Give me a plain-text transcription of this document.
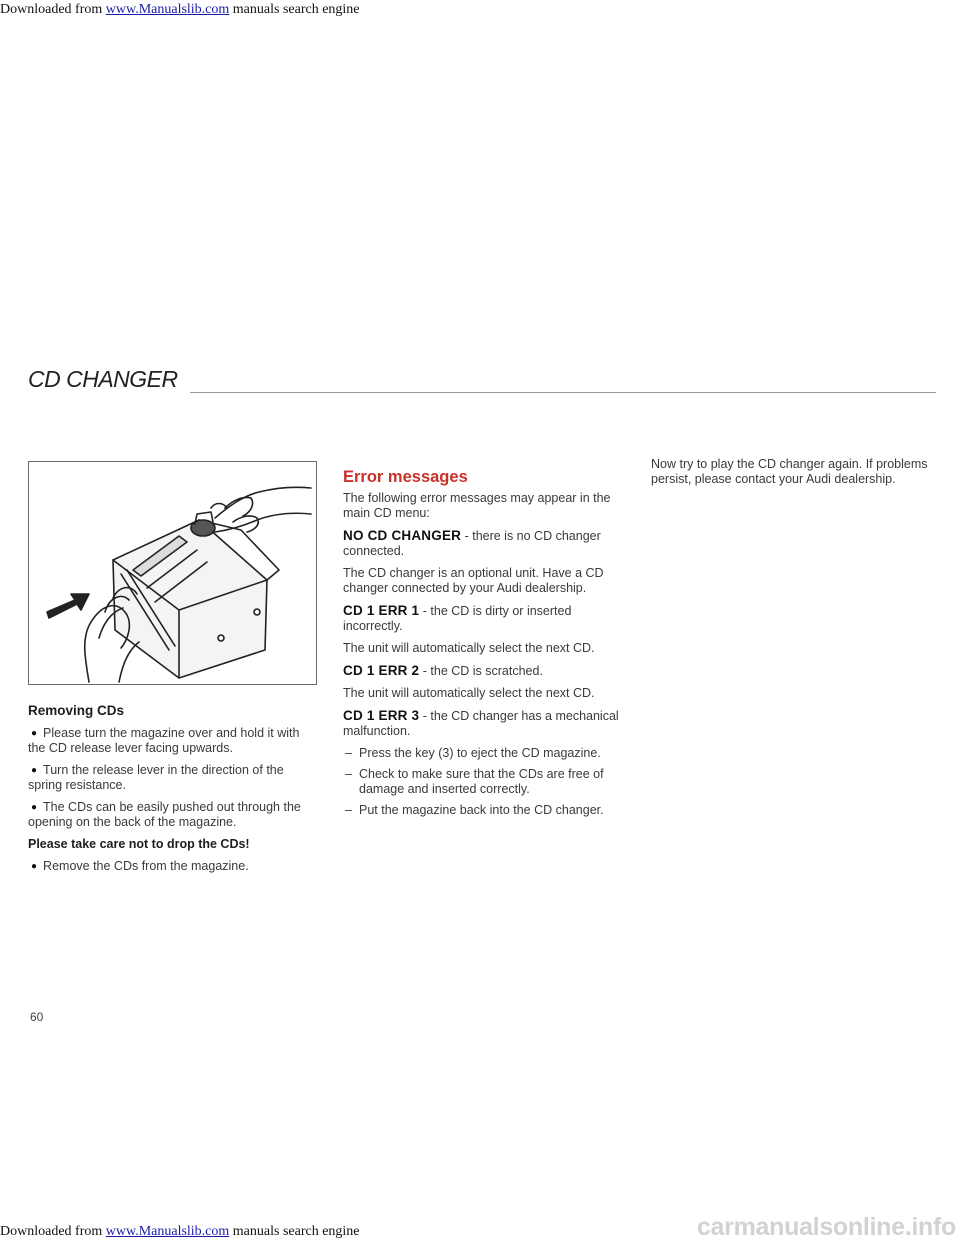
Downloaded from www.Manualslib.com manuals search engine
CD CHANGER
Removing CDs

● Please turn the magazine over and hold it with the CD release lever facing upwards.

● Turn the release lever in the direction of the spring resistance.

● The CDs can be easily pushed out through the opening on the back of the magazine.

Please take care not to drop the CDs!

● Remove the CDs from the magazine.

Error messages

The following error messages may appear in the main CD menu:

NO CD CHANGER - there is no CD changer connected.

The CD changer is an optional unit. Have a CD changer connected by your Audi dealership.

CD 1 ERR 1 - the CD is dirty or inserted incorrectly.

The unit will automatically select the next CD.

CD 1 ERR 2 - the CD is scratched.

The unit will automatically select the next CD.

CD 1 ERR 3 - the CD changer has a mechanical malfunction.

– Press the key (3) to eject the CD magazine.
– Check to make sure that the CDs are free of damage and inserted correctly.
– Put the magazine back into the CD changer.

Now try to play the CD changer again. If problems persist, please contact your Audi dealership.

60
Downloaded from www.Manualslib.com manuals search engine	carmanualsonline.info
